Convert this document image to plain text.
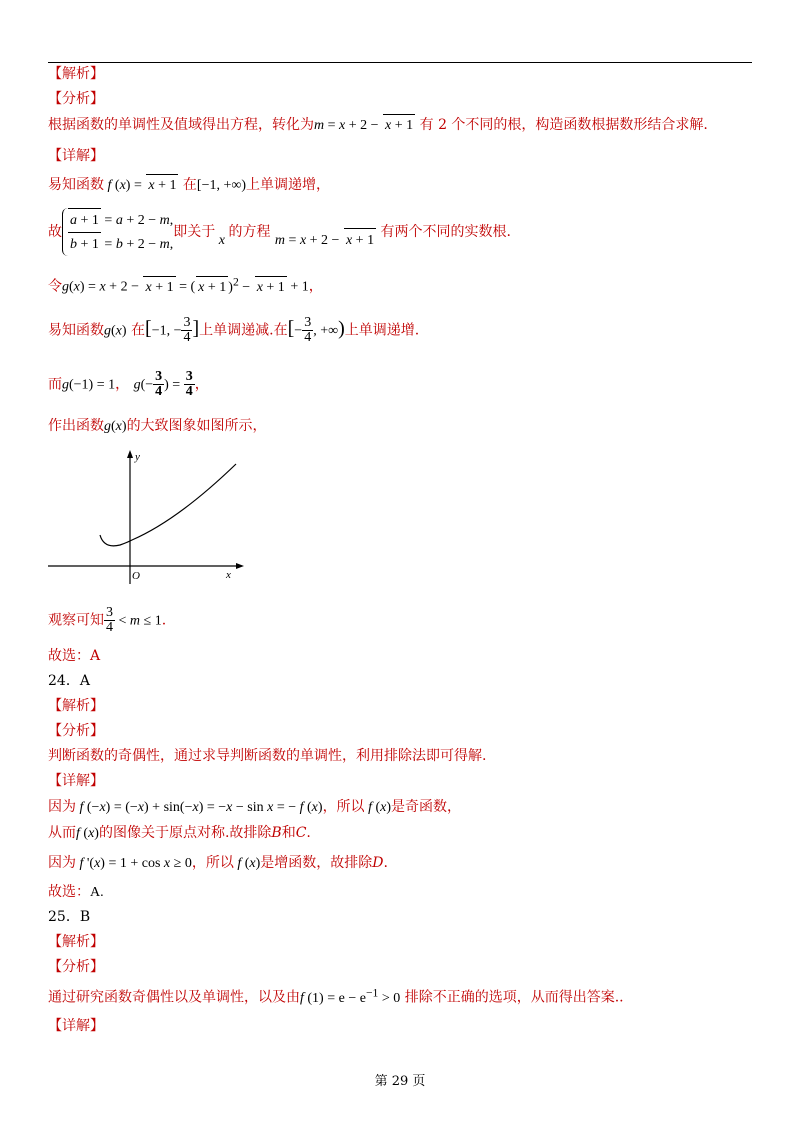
【解析】
【分析】
根据函数的单调性及值域得出方程，转化为m = x + 2 − x + 1 有 2 个不同的根，构造函数根据数形结合求解.
【详解】
易知函数 f (x) = x + 1 在[−1, +∞)上单调递增，
故
a + 1 = a + 2 − m,
b + 1 = b + 2 − m,
即关于 x 的方程 m = x + 2 − x + 1 有两个不同的实数根.
令g(x) = x + 2 − x + 1 = ( x + 1 )$^2$ − x + 1 + 1，
易知函数g(x) 在[−1, − $\frac{3}{4}$ ]上单调递减.在[− $\frac{3}{4}$ , +∞)上单调递增.
而g(−1) = 1， $g(- \frac{3}{4}$ ) = $\frac{3}{4}$ ，
作出函数g(x)的大致图象如图所示，
y
x
O
观察可知 $\frac{3}{4} < m \le 1$.
故选：A
24．A
【解析】
【分析】
判断函数的奇偶性，通过求导判断函数的单调性，利用排除法即可得解.
【详解】
因为 f (−x) = (−x) + sin(−x) = −x − sin x = − f (x)，所以 f (x)是奇函数，
从而f (x)的图像关于原点对称.故排除B和C.
因为 f '(x) = 1 + cos x ≥ 0，所以 f (x)是增函数，故排除D.
故选：A.
25．B
【解析】
【分析】
通过研究函数奇偶性以及单调性，以及由f $(1) = e - e^{-1} > 0$ 排除不正确的选项，从而得出答案..
【详解】
第 29 页
